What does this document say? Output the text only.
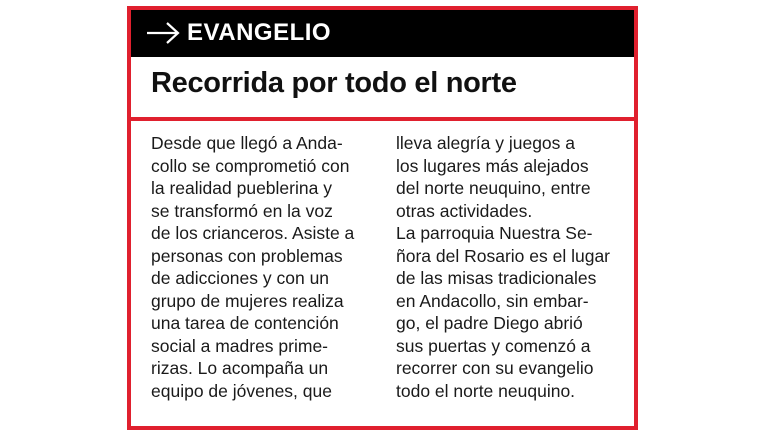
EVANGELIO
Recorrida por todo el norte
Desde que llegó a Anda-
collo se comprometió con
la realidad pueblerina y
se transformó en la voz
de los crianceros. Asiste a
personas con problemas
de adicciones y con un
grupo de mujeres realiza
una tarea de contención
social a madres prime-
rizas. Lo acompaña un
equipo de jóvenes, que
lleva alegría y juegos a
los lugares más alejados
del norte neuquino, entre
otras actividades.
La parroquia Nuestra Se-
ñora del Rosario es el lugar
de las misas tradicionales
en Andacollo, sin embar-
go, el padre Diego abrió
sus puertas y comenzó a
recorrer con su evangelio
todo el norte neuquino.
